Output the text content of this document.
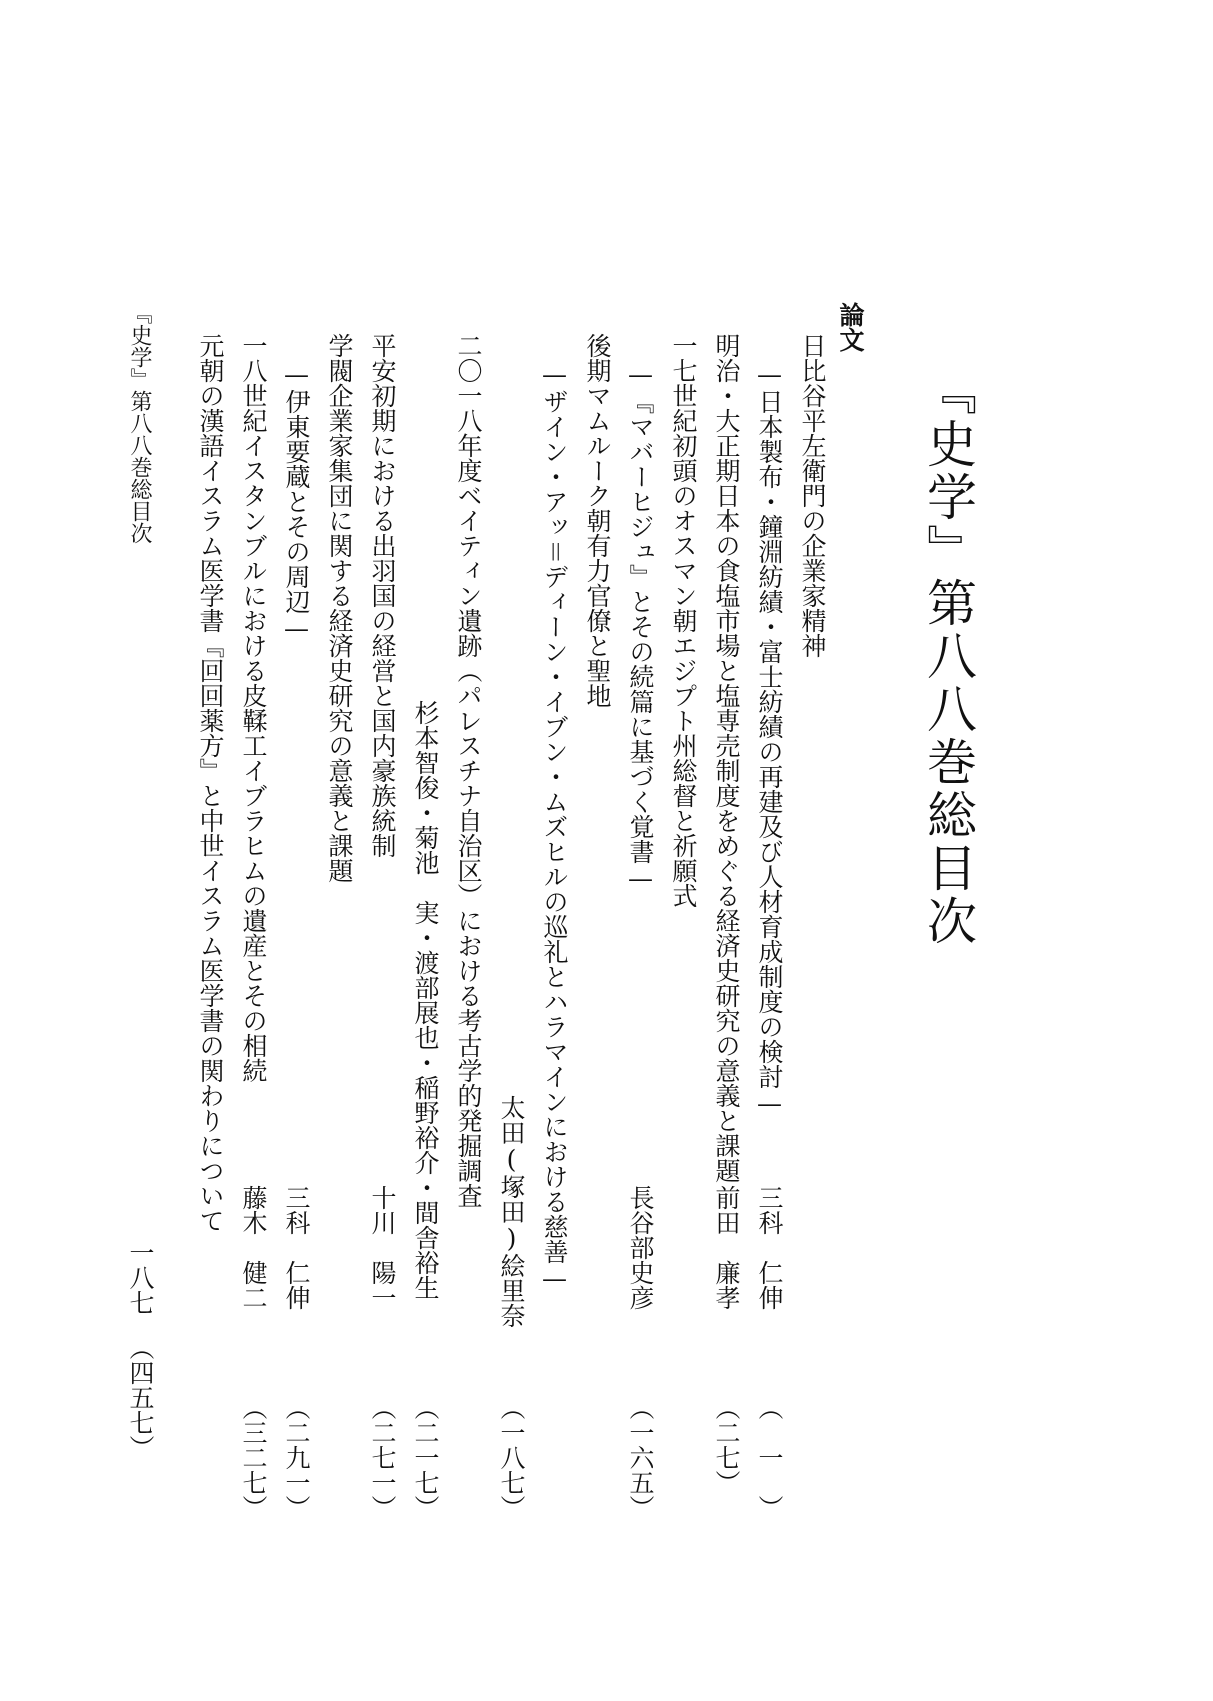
『史学』第八八巻総目次
論文
日比谷平左衛門の企業家精神
—日本製布・鐘淵紡績・富士紡績の再建及び人材育成制度の検討—
三科　仁伸
（　一　）
明治・大正期日本の食塩市場と塩専売制度をめぐる経済史研究の意義と課題
前田　廉孝
（二七）
一七世紀初頭のオスマン朝エジプト州総督と祈願式
—『マバーヒジュ』とその続篇に基づく覚書—
長谷部史彦
（一六五）
後期マムルーク朝有力官僚と聖地
—ザイン・アッ＝ディーン・イブン・ムズヒルの巡礼とハラマインにおける慈善—
太田(塚田)絵里奈
（一八七）
二〇一八年度ベイティン遺跡（パレスチナ自治区）における考古学的発掘調査
杉本智俊・菊池　実・渡部展也・稲野裕介・間舎裕生
（二一七）
平安初期における出羽国の経営と国内豪族統制
十川　陽一
（二七一）
学閥企業家集団に関する経済史研究の意義と課題
—伊東要蔵とその周辺—
三科　仁伸
（二九一）
一八世紀イスタンブルにおける皮鞣工イブラヒムの遺産とその相続
藤木　健二
（三二七）
元朝の漢語イスラム医学書『回回薬方』と中世イスラム医学書の関わりについて
『史学』第八八巻総目次
一八七
（四五七）
